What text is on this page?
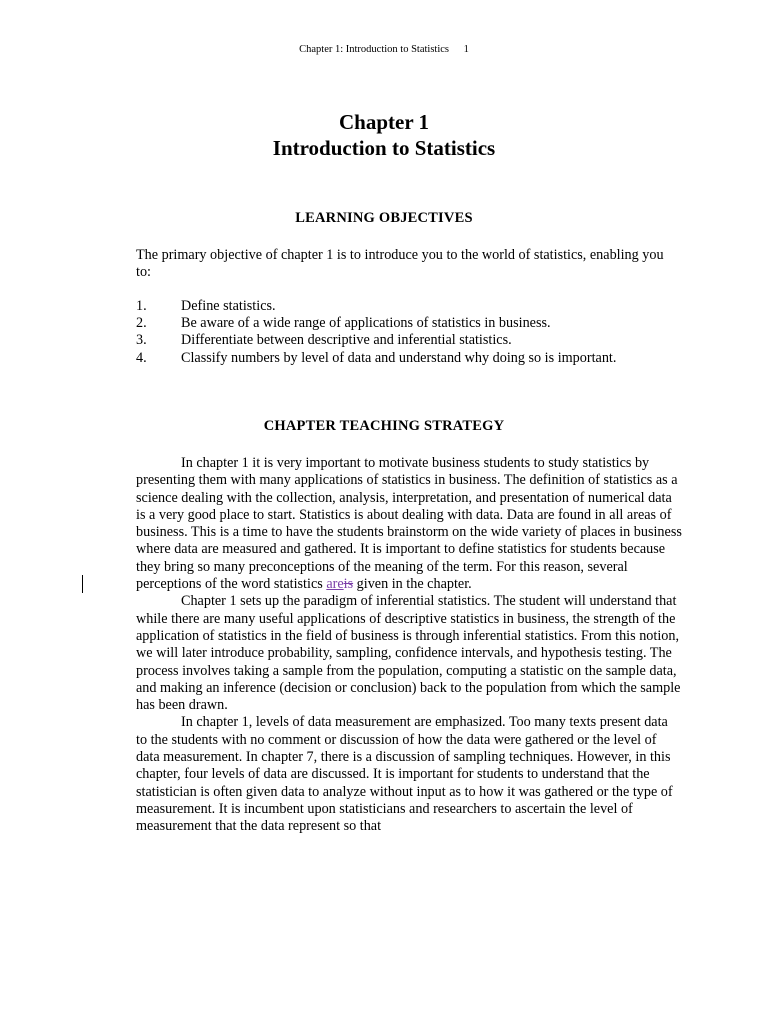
Chapter 1: Introduction to Statistics 1
Chapter 1
Introduction to Statistics
LEARNING OBJECTIVES
The primary objective of chapter 1 is to introduce you to the world of statistics, enabling you to:
1.	Define statistics.
2.	Be aware of a wide range of applications of statistics in business.
3.	Differentiate between descriptive and inferential statistics.
4.	Classify numbers by level of data and understand why doing so is important.
CHAPTER TEACHING STRATEGY

In chapter 1 it is very important to motivate business students to study statistics by presenting them with many applications of statistics in business. The definition of statistics as a science dealing with the collection, analysis, interpretation, and presentation of numerical data is a very good place to start. Statistics is about dealing with data. Data are found in all areas of business. This is a time to have the students brainstorm on the wide variety of places in business where data are measured and gathered. It is important to define statistics for students because they bring so many preconceptions of the meaning of the term. For this reason, several perceptions of the word statistics areis given in the chapter.

Chapter 1 sets up the paradigm of inferential statistics. The student will understand that while there are many useful applications of descriptive statistics in business, the strength of the application of statistics in the field of business is through inferential statistics. From this notion, we will later introduce probability, sampling, confidence intervals, and hypothesis testing. The process involves taking a sample from the population, computing a statistic on the sample data, and making an inference (decision or conclusion) back to the population from which the sample has been drawn.

In chapter 1, levels of data measurement are emphasized. Too many texts present data to the students with no comment or discussion of how the data were gathered or the level of data measurement. In chapter 7, there is a discussion of sampling techniques. However, in this chapter, four levels of data are discussed. It is important for students to understand that the statistician is often given data to analyze without input as to how it was gathered or the type of measurement. It is incumbent upon statisticians and researchers to ascertain the level of measurement that the data represent so that
